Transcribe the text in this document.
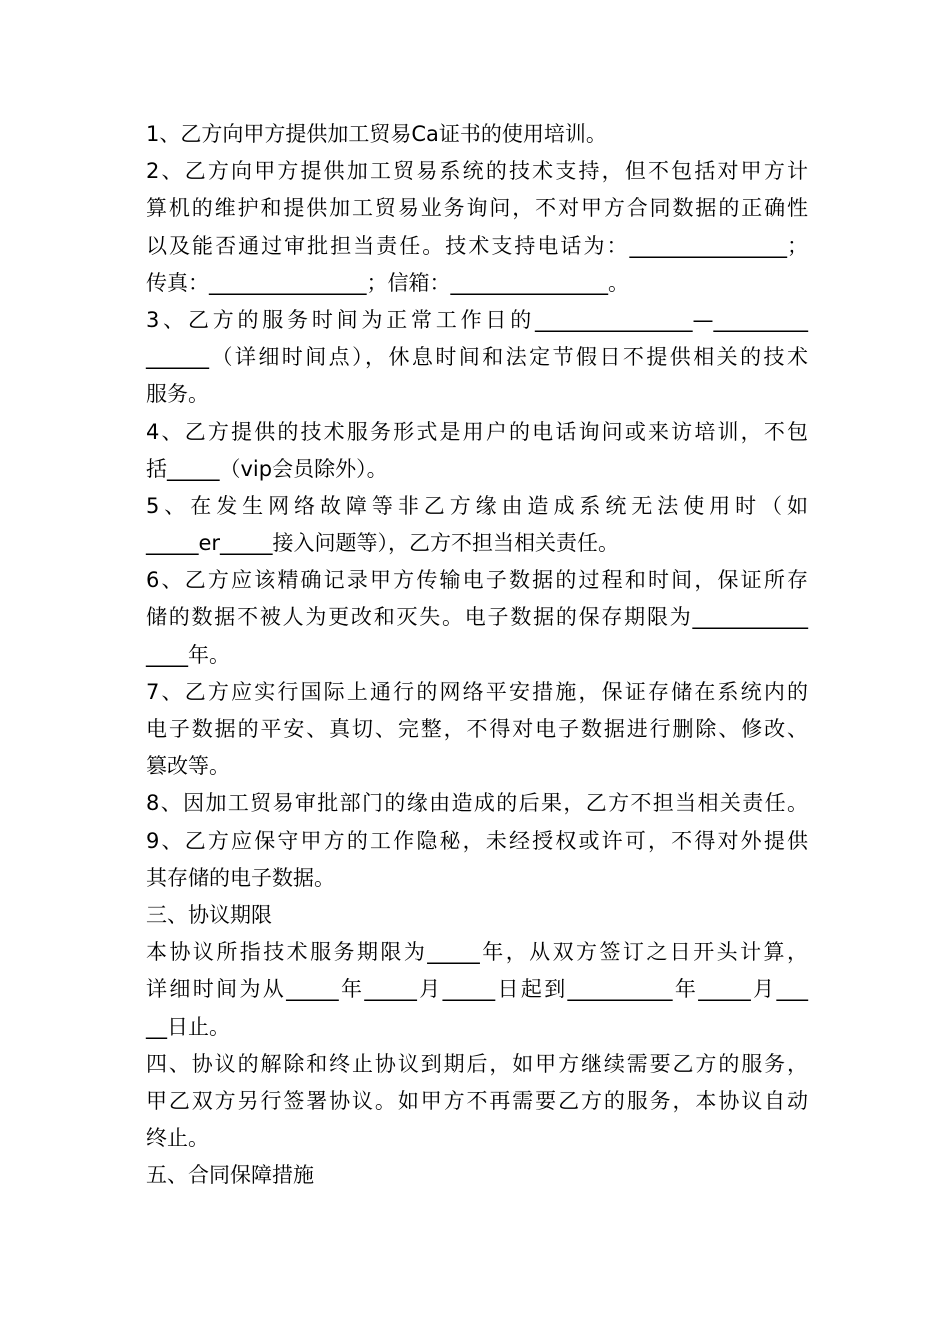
1、乙方向甲方提供加工贸易Ca证书的使用培训。
2、乙方向甲方提供加工贸易系统的技术支持，但不包括对甲方计
算机的维护和提供加工贸易业务询问，不对甲方合同数据的正确性
以及能否通过审批担当责任。技术支持电话为：_______________；
传真：_______________；信箱：_______________。
3、乙方的服务时间为正常工作日的_______________—_________
______（详细时间点），休息时间和法定节假日不提供相关的技术
服务。
4、乙方提供的技术服务形式是用户的电话询问或来访培训，不包
括_____（vip会员除外）。
5、在发生网络故障等非乙方缘由造成系统无法使用时（如
_____er_____接入问题等），乙方不担当相关责任。
6、乙方应该精确记录甲方传输电子数据的过程和时间，保证所存
储的数据不被人为更改和灭失。电子数据的保存期限为___________
____年。
7、乙方应实行国际上通行的网络平安措施，保证存储在系统内的
电子数据的平安、真切、完整，不得对电子数据进行删除、修改、
篡改等。
8、因加工贸易审批部门的缘由造成的后果，乙方不担当相关责任。
9、乙方应保守甲方的工作隐秘，未经授权或许可，不得对外提供
其存储的电子数据。
三、协议期限
本协议所指技术服务期限为_____年，从双方签订之日开头计算，
详细时间为从_____年_____月_____日起到__________年_____月___
__日止。
四、协议的解除和终止协议到期后，如甲方继续需要乙方的服务，
甲乙双方另行签署协议。如甲方不再需要乙方的服务，本协议自动
终止。
五、合同保障措施
